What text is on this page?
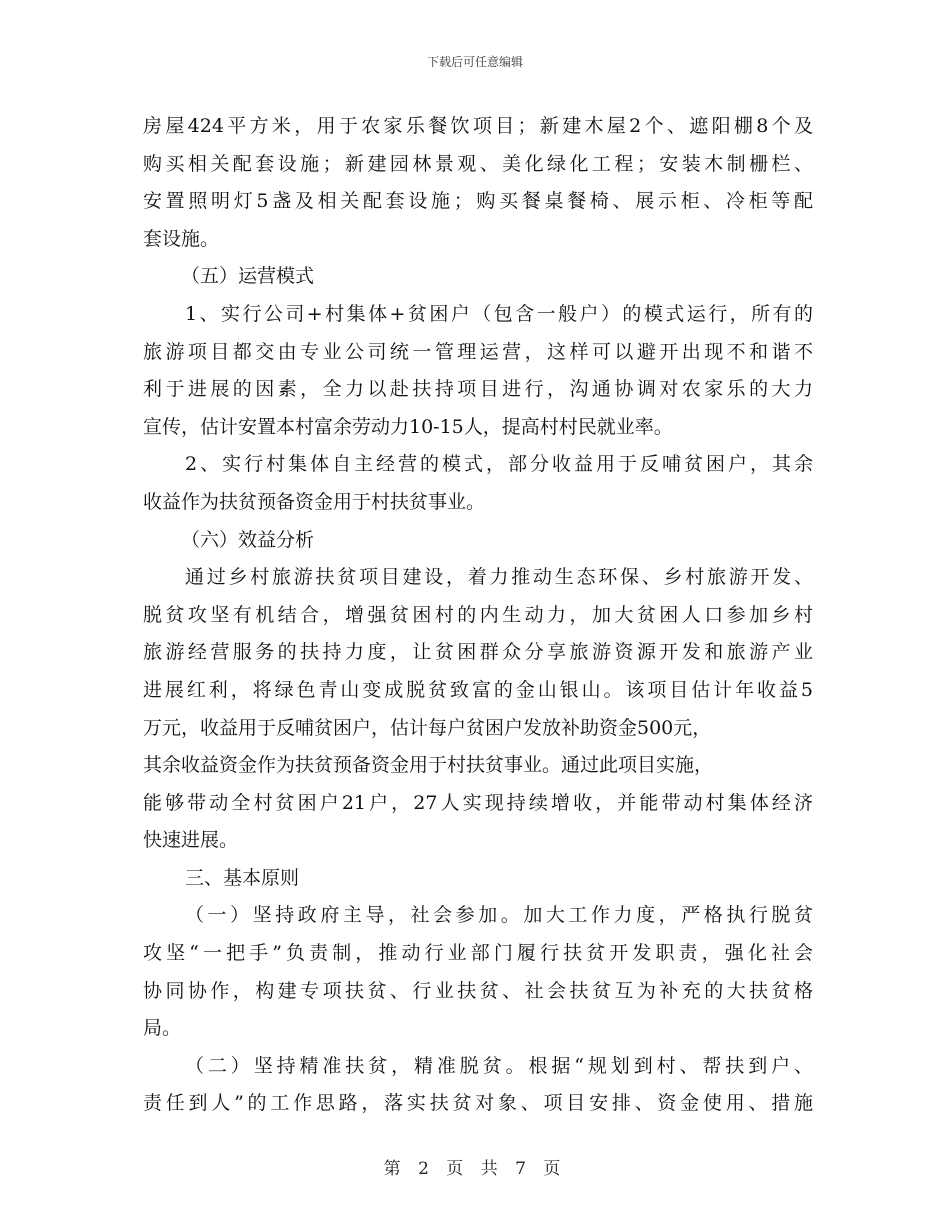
下载后可任意编辑
房屋424平方米，用于农家乐餐饮项目；新建木屋2个、遮阳棚8个及
购买相关配套设施；新建园林景观、美化绿化工程；安装木制栅栏、
安置照明灯5盏及相关配套设施；购买餐桌餐椅、展示柜、冷柜等配
套设施。
（五）运营模式
1、实行公司+村集体+贫困户（包含一般户）的模式运行，所有的
旅游项目都交由专业公司统一管理运营，这样可以避开出现不和谐不
利于进展的因素，全力以赴扶持项目进行，沟通协调对农家乐的大力
宣传，估计安置本村富余劳动力10-15人，提高村村民就业率。
2、实行村集体自主经营的模式，部分收益用于反哺贫困户，其余
收益作为扶贫预备资金用于村扶贫事业。
（六）效益分析
通过乡村旅游扶贫项目建设，着力推动生态环保、乡村旅游开发、
脱贫攻坚有机结合，增强贫困村的内生动力，加大贫困人口参加乡村
旅游经营服务的扶持力度，让贫困群众分享旅游资源开发和旅游产业
进展红利，将绿色青山变成脱贫致富的金山银山。该项目估计年收益5
万元，收益用于反哺贫困户，估计每户贫困户发放补助资金500元，
其余收益资金作为扶贫预备资金用于村扶贫事业。通过此项目实施，
能够带动全村贫困户21户，27人实现持续增收，并能带动村集体经济
快速进展。
三、基本原则
（一）坚持政府主导，社会参加。加大工作力度，严格执行脱贫
攻坚“一把手”负责制，推动行业部门履行扶贫开发职责，强化社会
协同协作，构建专项扶贫、行业扶贫、社会扶贫互为补充的大扶贫格
局。
（二）坚持精准扶贫，精准脱贫。根据“规划到村、帮扶到户、
责任到人”的工作思路，落实扶贫对象、项目安排、资金使用、措施
第 2 页 共 7 页
